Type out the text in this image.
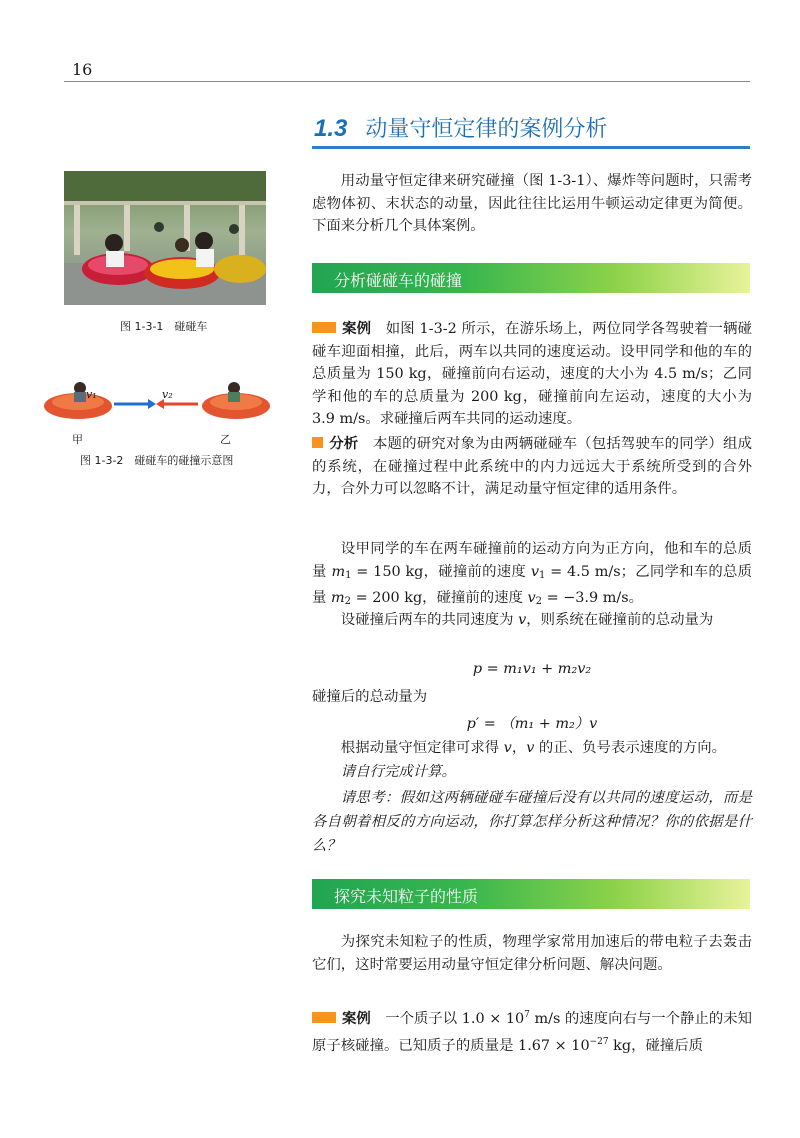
16
1.3 动量守恒定律的案例分析
用动量守恒定律来研究碰撞（图 1-3-1）、爆炸等问题时，只需考虑物体初、末状态的动量，因此往往比运用牛顿运动定律更为简便。下面来分析几个具体案例。
分析碰碰车的碰撞
案例　 如图 1-3-2 所示，在游乐场上，两位同学各驾驶着一辆碰碰车迎面相撞，此后，两车以共同的速度运动。设甲同学和他的车的总质量为 150 kg，碰撞前向右运动，速度的大小为 4.5 m/s；乙同学和他的车的总质量为 200 kg，碰撞前向左运动，速度的大小为 3.9 m/s。求碰撞后两车共同的运动速度。
分析　 本题的研究对象为由两辆碰碰车（包括驾驶车的同学）组成的系统，在碰撞过程中此系统中的内力远远大于系统所受到的合外力，合外力可以忽略不计，满足动量守恒定律的适用条件。
设甲同学的车在两车碰撞前的运动方向为正方向，他和车的总质量 $m_1 = 150$ kg，碰撞前的速度 $v_1 = 4.5$ m/s；乙同学和车的总质量 $m_2 = 200$ kg，碰撞前的速度 $v_2 = -3.9$ m/s。
设碰撞后两车的共同速度为 v，则系统在碰撞前的总动量为
p = m₁v₁ + m₂v₂
碰撞后的总动量为
p′ = （m₁ + m₂）v
根据动量守恒定律可求得 v，v 的正、负号表示速度的方向。
请自行完成计算。
请思考：假如这两辆碰碰车碰撞后没有以共同的速度运动，而是各自朝着相反的方向运动，你打算怎样分析这种情况？你的依据是什么？
探究未知粒子的性质
为探究未知粒子的性质，物理学家常用加速后的带电粒子去轰击它们，这时常要运用动量守恒定律分析问题、解决问题。
案例　 一个质子以 $1.0 \times 10^7$ m/s 的速度向右与一个静止的未知原子核碰撞。已知质子的质量是 $1.67 \times 10^{-27}$ kg，碰撞后质
图 1-3-1　碰碰车
v₁	v₂
甲	乙
图 1-3-2　碰碰车的碰撞示意图
